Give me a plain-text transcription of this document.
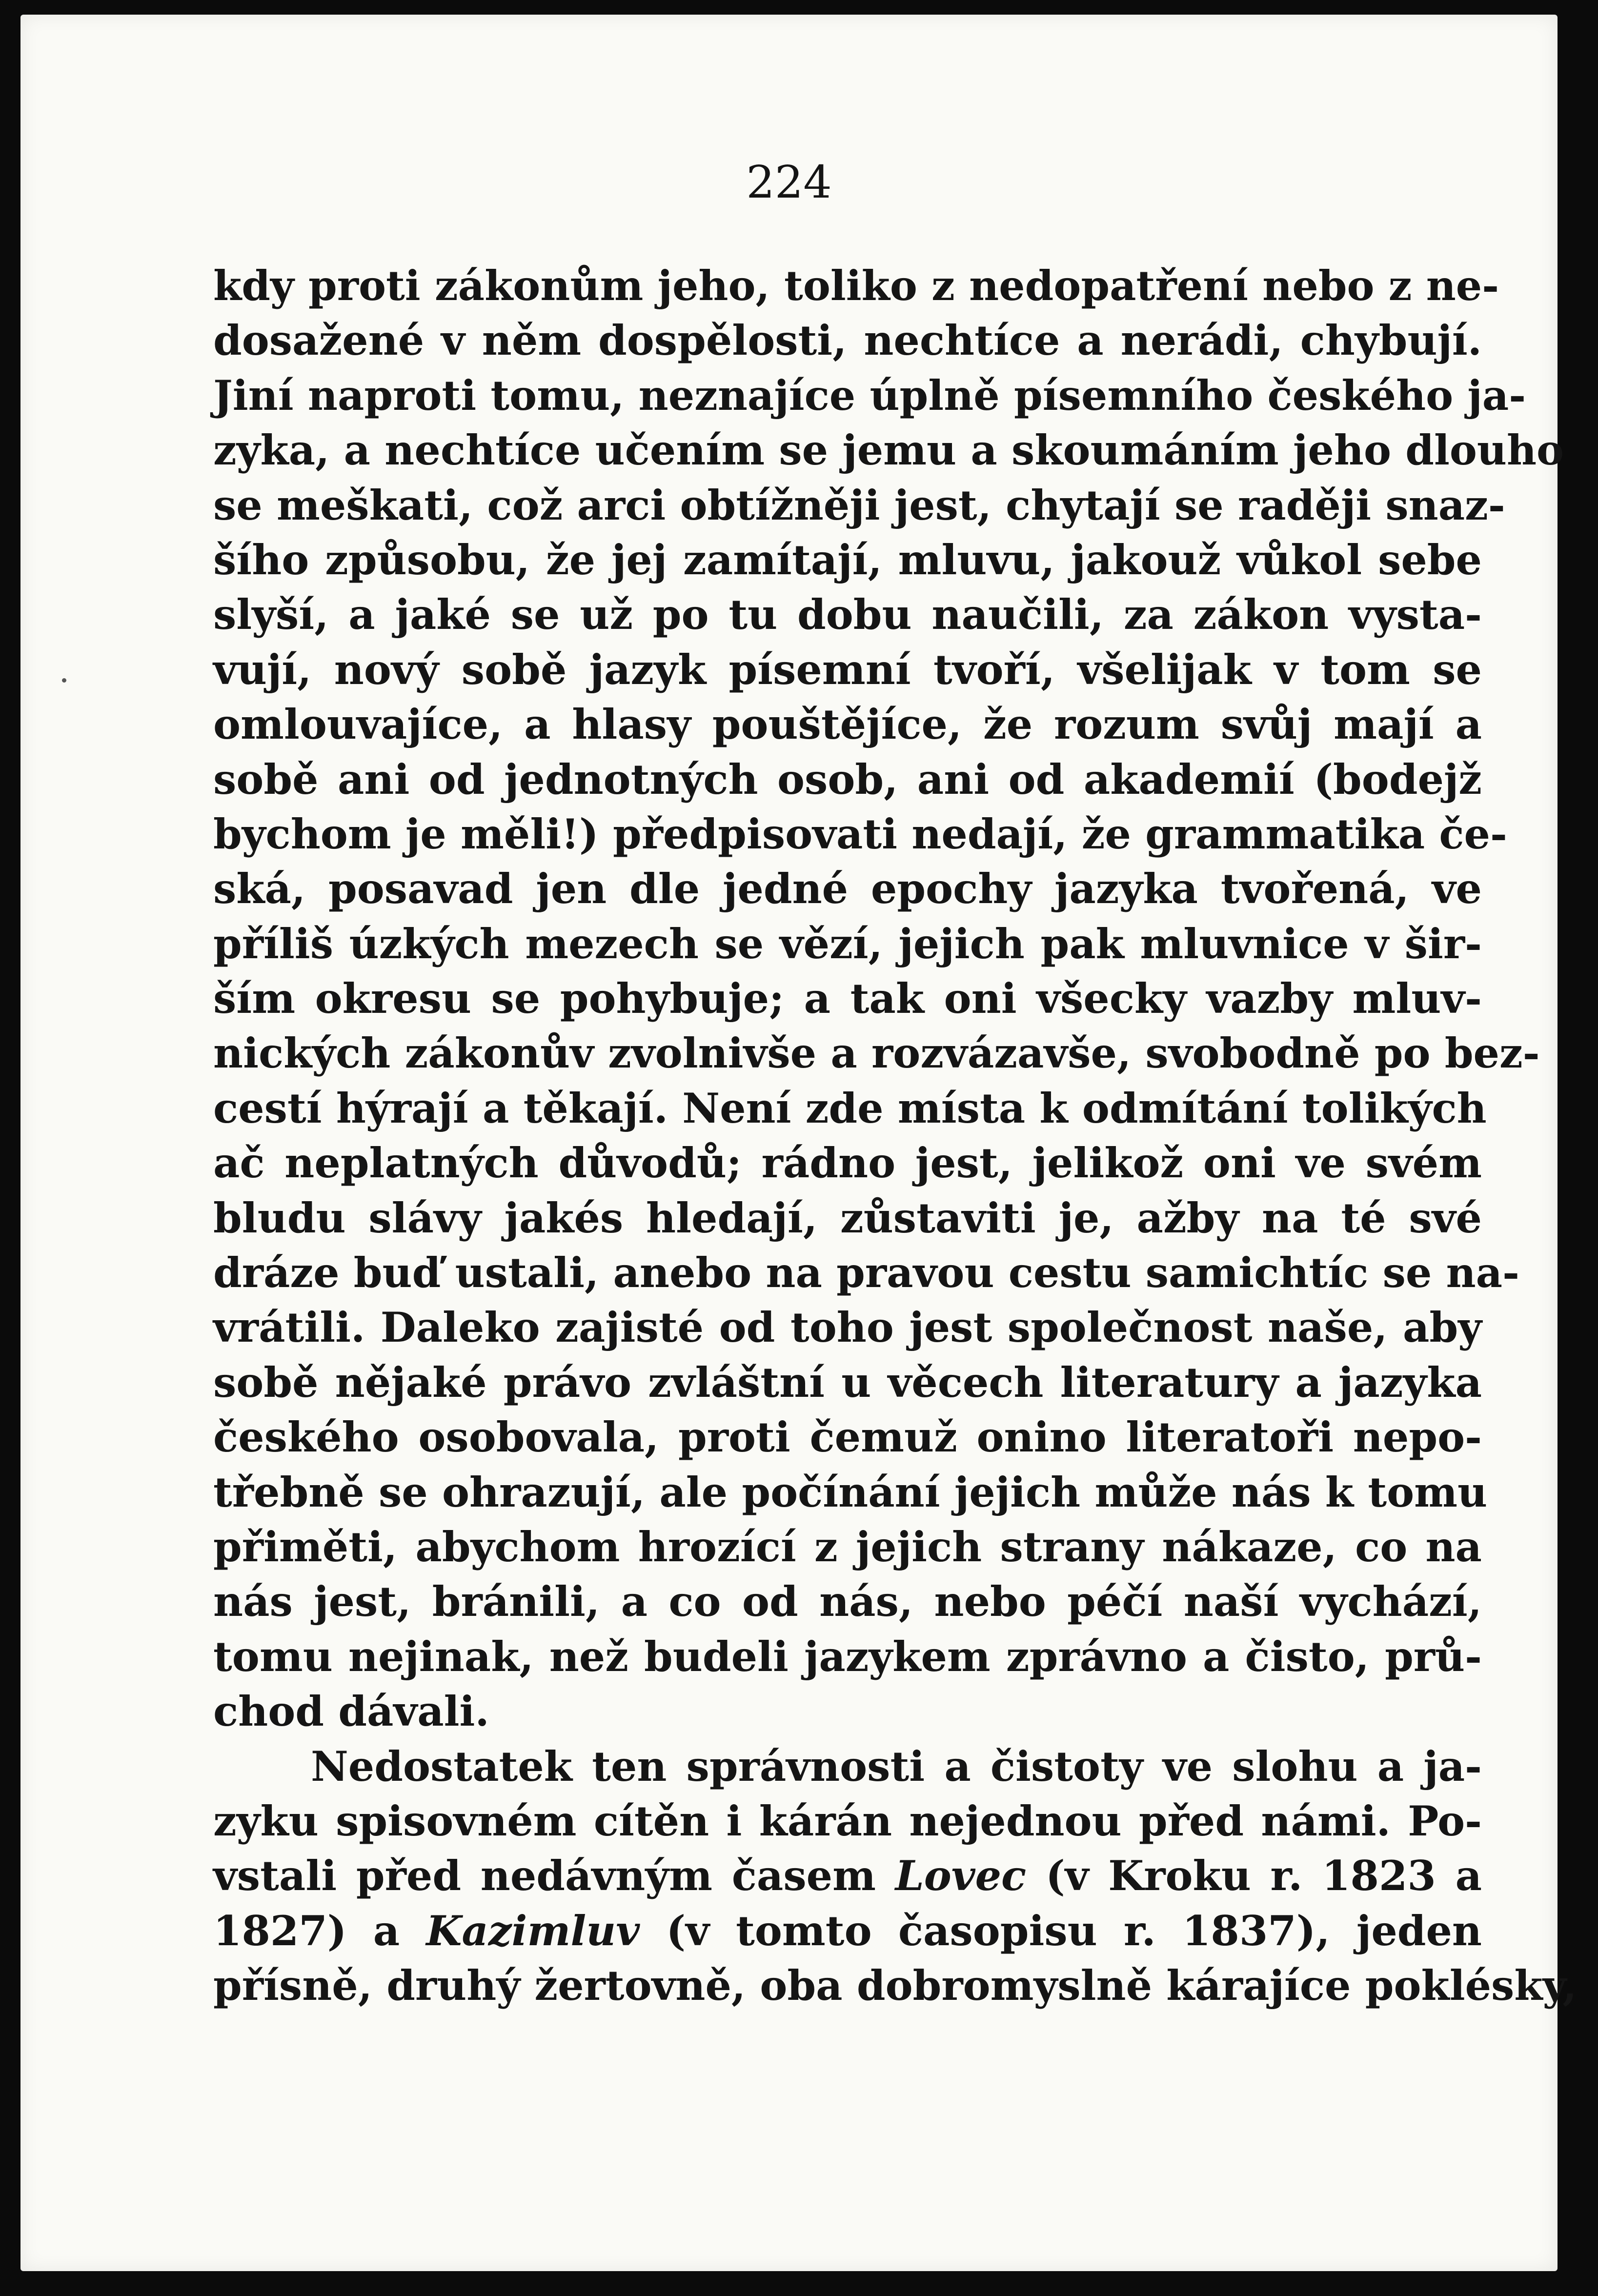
224
kdy proti zákonům jeho, toliko z nedopatření nebo z ne-
dosažené v něm dospělosti, nechtíce a nerádi, chybují.
Jiní naproti tomu, neznajíce úplně písemního českého ja-
zyka, a nechtíce učením se jemu a skoumáním jeho dlouho
se meškati, což arci obtížněji jest, chytají se raději snaz-
šího způsobu, že jej zamítají, mluvu, jakouž vůkol sebe
slyší, a jaké se už po tu dobu naučili, za zákon vysta-
vují, nový sobě jazyk písemní tvoří, všelijak v tom se
omlouvajíce, a hlasy pouštějíce, že rozum svůj mají a
sobě ani od jednotných osob, ani od akademií (bodejž
bychom je měli!) předpisovati nedají, že grammatika če-
ská, posavad jen dle jedné epochy jazyka tvořená, ve
příliš úzkých mezech se vězí, jejich pak mluvnice v šir-
ším okresu se pohybuje; a tak oni všecky vazby mluv-
nických zákonův zvolnivše a rozvázavše, svobodně po bez-
cestí hýrají a těkají. Není zde místa k odmítání tolikých
ač neplatných důvodů; rádno jest, jelikož oni ve svém
bludu slávy jakés hledají, zůstaviti je, ažby na té své
dráze buď ustali, anebo na pravou cestu samichtíc se na-
vrátili. Daleko zajisté od toho jest společnost naše, aby
sobě nějaké právo zvláštní u věcech literatury a jazyka
českého osobovala, proti čemuž onino literatoři nepo-
třebně se ohrazují, ale počínání jejich může nás k tomu
přiměti, abychom hrozící z jejich strany nákaze, co na
nás jest, bránili, a co od nás, nebo péčí naší vychází,
tomu nejinak, než budeli jazykem zprávno a čisto, prů-
chod dávali.
Nedostatek ten správnosti a čistoty ve slohu a ja-
zyku spisovném cítěn i kárán nejednou před námi. Po-
vstali před nedávným časem Lovec (v Kroku r. 1823 a
1827) a Kazimluv (v tomto časopisu r. 1837), jeden
přísně, druhý žertovně, oba dobromyslně kárajíce poklésky,
